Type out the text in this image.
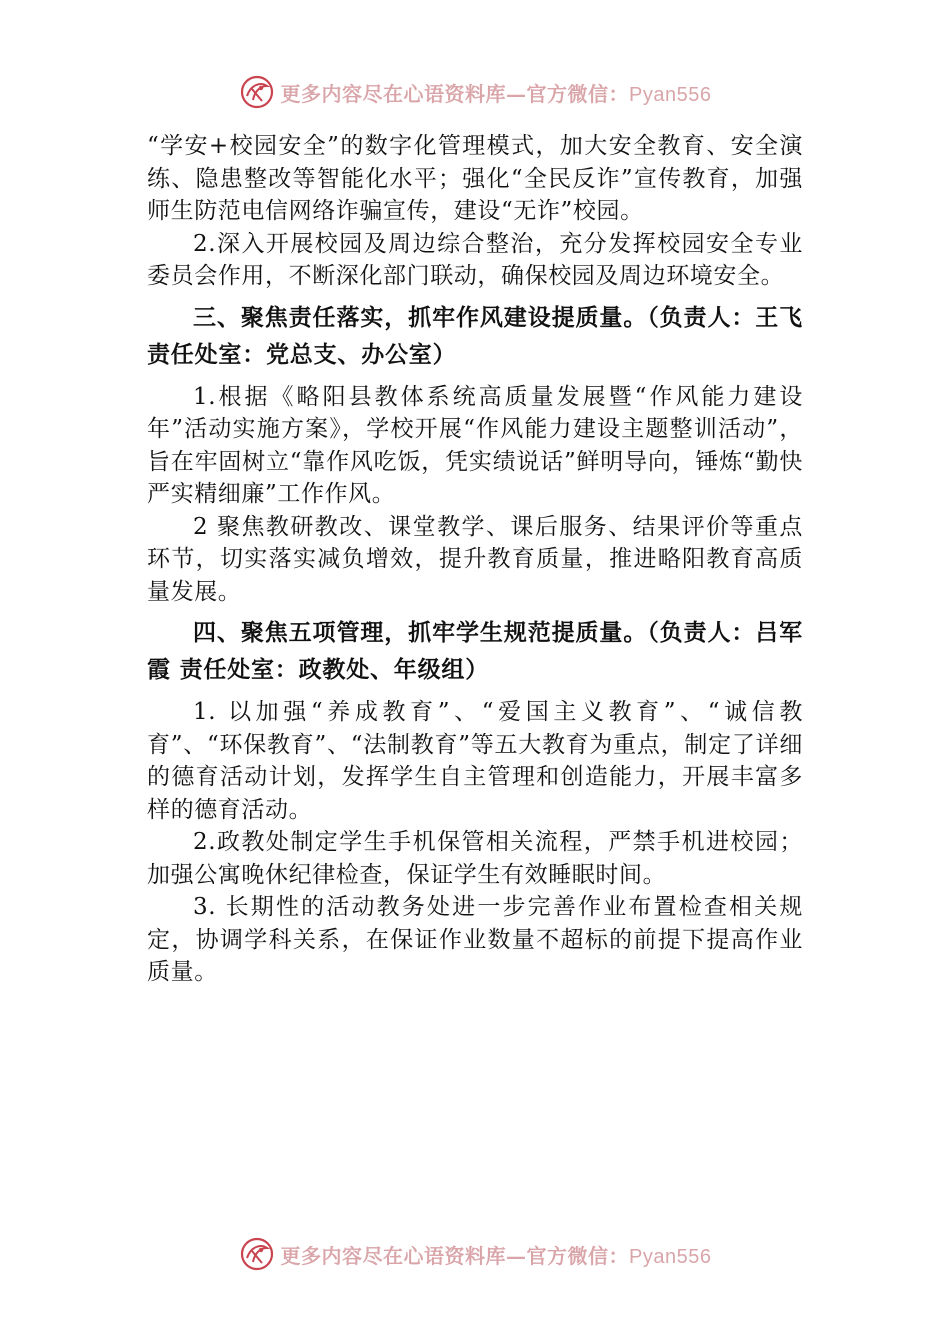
更多内容尽在心语资料库—官方微信：Pyan556

“学安+校园安全”的数字化管理模式，加大安全教育、安全演练、隐患整改等智能化水平；强化“全民反诈”宣传教育，加强师生防范电信网络诈骗宣传，建设“无诈”校园。

2.深入开展校园及周边综合整治，充分发挥校园安全专业委员会作用，不断深化部门联动，确保校园及周边环境安全。

三、聚焦责任落实，抓牢作风建设提质量。（负责人：王飞 责任处室：党总支、办公室）

1.根据《略阳县教体系统高质量发展暨“作风能力建设年”活动实施方案》，学校开展“作风能力建设主题整训活动”，旨在牢固树立“靠作风吃饭，凭实绩说话”鲜明导向，锤炼“勤快严实精细廉”工作作风。

2 聚焦教研教改、课堂教学、课后服务、结果评价等重点环节，切实落实减负增效，提升教育质量，推进略阳教育高质量发展。

四、聚焦五项管理，抓牢学生规范提质量。（负责人：吕军霞 责任处室：政教处、年级组）

1. 以加强“养成教育”、“爱国主义教育”、“诚信教育”、“环保教育”、“法制教育”等五大教育为重点，制定了详细的德育活动计划，发挥学生自主管理和创造能力，开展丰富多样的德育活动。

2.政教处制定学生手机保管相关流程，严禁手机进校园；加强公寓晚休纪律检查，保证学生有效睡眠时间。

3. 长期性的活动教务处进一步完善作业布置检查相关规定，协调学科关系，在保证作业数量不超标的前提下提高作业质量。

更多内容尽在心语资料库—官方微信：Pyan556
